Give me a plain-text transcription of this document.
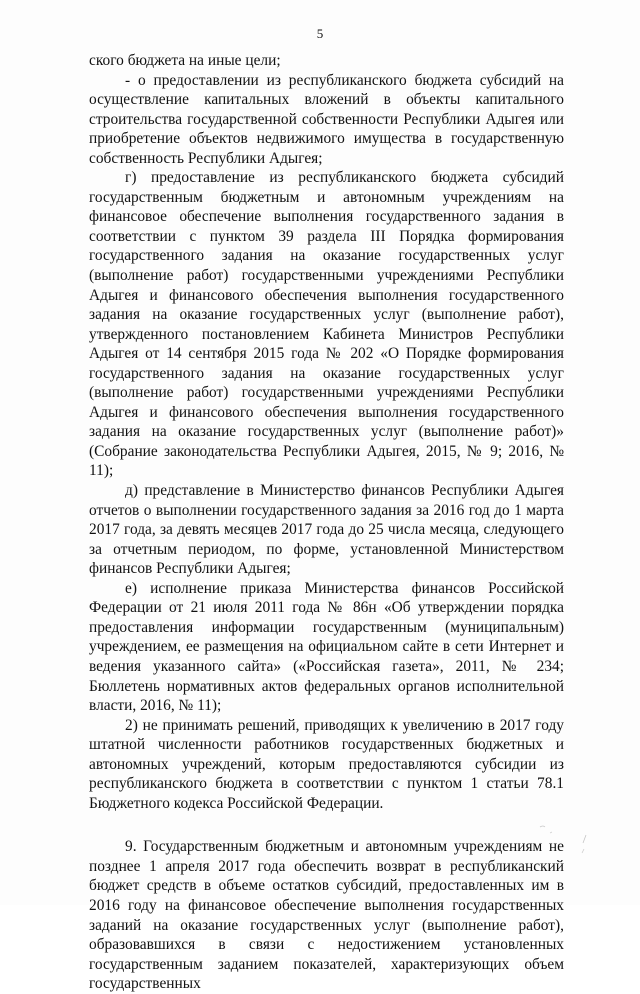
5

ского бюджета на иные цели;

- о предоставлении из республиканского бюджета субсидий на осуществление капитальных вложений в объекты капитального строительства государственной собственности Республики Адыгея или приобретение объектов недвижимого имущества в государственную собственность Республики Адыгея;

г) предоставление из республиканского бюджета субсидий государственным бюджетным и автономным учреждениям на финансовое обеспечение выполнения государственного задания в соответствии с пунктом 39 раздела III Порядка формирования государственного задания на оказание государственных услуг (выполнение работ) государственными учреждениями Республики Адыгея и финансового обеспечения выполнения государственного задания на оказание государственных услуг (выполнение работ), утвержденного постановлением Кабинета Министров Республики Адыгея от 14 сентября 2015 года № 202 «О Порядке формирования государственного задания на оказание государственных услуг (выполнение работ) государственными учреждениями Республики Адыгея и финансового обеспечения выполнения государственного задания на оказание государственных услуг (выполнение работ)» (Собрание законодательства Республики Адыгея, 2015, № 9; 2016, № 11);

д) представление в Министерство финансов Республики Адыгея отчетов о выполнении государственного задания за 2016 год до 1 марта 2017 года, за девять месяцев 2017 года до 25 числа месяца, следующего за отчетным периодом, по форме, установленной Министерством финансов Республики Адыгея;

е) исполнение приказа Министерства финансов Российской Федерации от 21 июля 2011 года № 86н «Об утверждении порядка предоставления информации государственным (муниципальным) учреждением, ее размещения на официальном сайте в сети Интернет и ведения указанного сайта» («Российская газета», 2011, № 234; Бюллетень нормативных актов федеральных органов исполнительной власти, 2016, № 11);

2) не принимать решений, приводящих к увеличению в 2017 году штатной численности работников государственных бюджетных и автономных учреждений, которым предоставляются субсидии из республиканского бюджета в соответствии с пунктом 1 статьи 78.1 Бюджетного кодекса Российской Федерации.

9. Государственным бюджетным и автономным учреждениям не позднее 1 апреля 2017 года обеспечить возврат в республиканский бюджет средств в объеме остатков субсидий, предоставленных им в 2016 году на финансовое обеспечение выполнения государственных заданий на оказание государственных услуг (выполнение работ), образовавшихся в связи с недостижением установленных государственным заданием показателей, характеризующих объем государственных
